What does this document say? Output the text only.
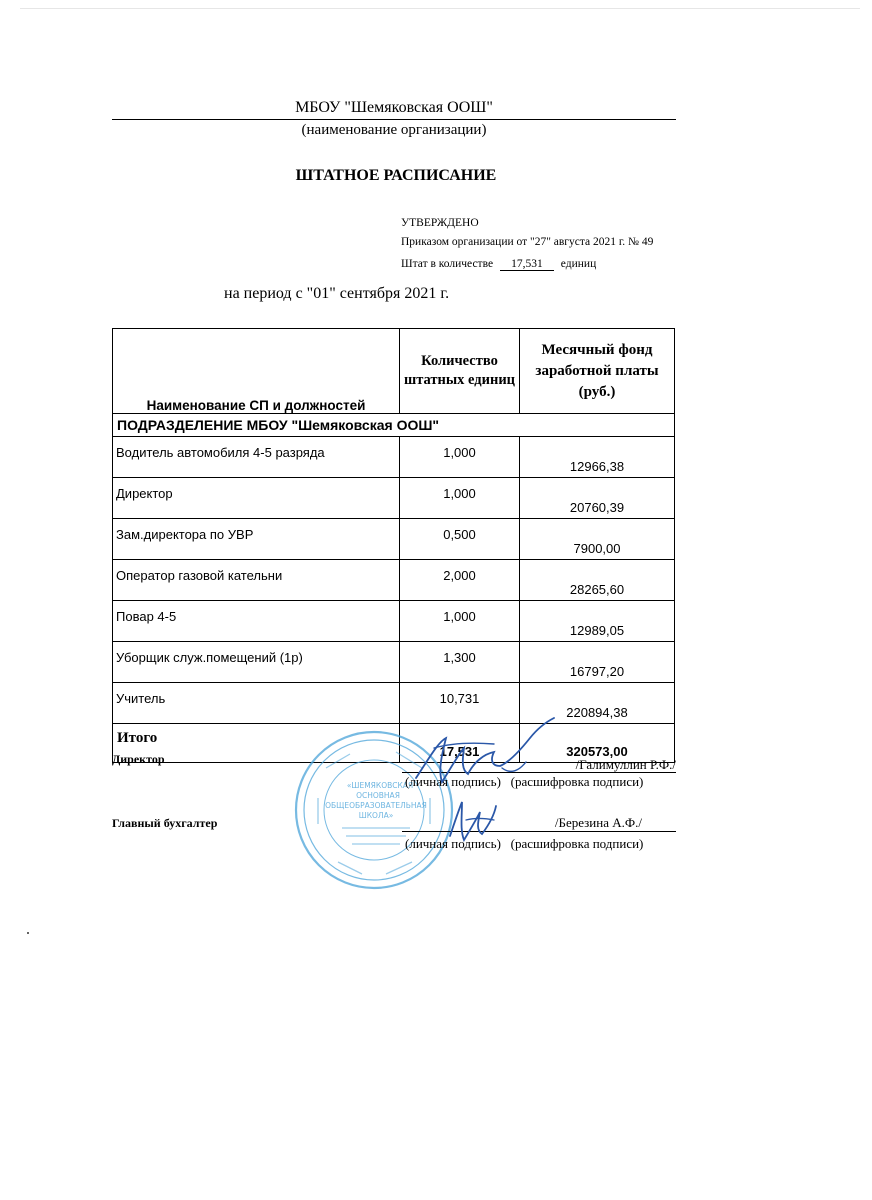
МБОУ "Шемяковская ООШ"
(наименование организации)
ШТАТНОЕ РАСПИСАНИЕ
УТВЕРЖДЕНО
Приказом организации от "27" августа 2021 г. № 49
Штат в количестве 17,531 единиц
на период с "01" сентября 2021 г.
Наименование СП и должностей	Количество штатных единиц	Месячный фонд заработной платы (руб.)
ПОДРАЗДЕЛЕНИЕ МБОУ "Шемяковская ООШ"		
Водитель автомобиля 4-5 разряда	1,000	12966,38
Директор	1,000	20760,39
Зам.директора по УВР	0,500	7900,00
Оператор газовой кательни	2,000	28265,60
Повар 4-5	1,000	12989,05
Уборщик служ.помещений (1р)	1,300	16797,20
Учитель	10,731	220894,38
Итого	17,531	320573,00
«ШЕМЯКОВСКАЯ
ОСНОВНАЯ
ОБЩЕОБРАЗОВАТЕЛЬНАЯ
ШКОЛА»
Директор	/Галимуллин Р.Ф./
(личная подпись) (расшифровка подписи)
Главный бухгалтер	/Березина А.Ф./
(личная подпись) (расшифровка подписи)
